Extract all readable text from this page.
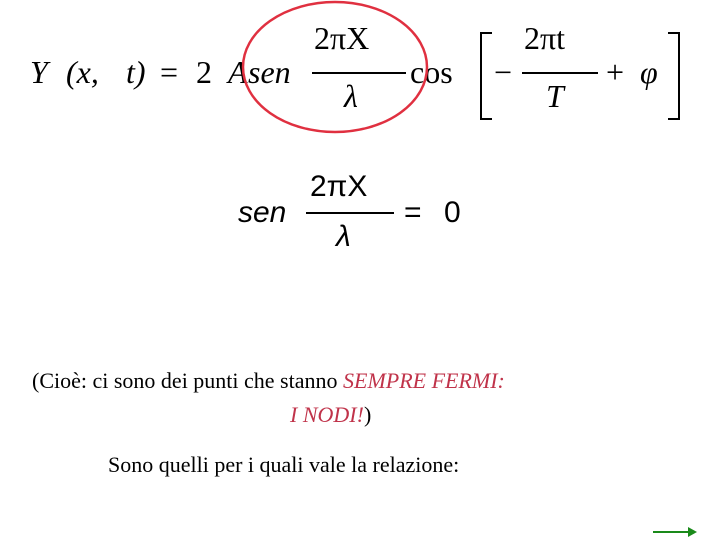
Y (x, t) = 2 A sen
2πX
λ
cos −
2πt
T
+ φ
sen
2πX
λ
= 0
(Cioè: ci sono dei punti che stanno SEMPRE FERMI:
I NODI!)
Sono quelli per i quali vale la relazione:
